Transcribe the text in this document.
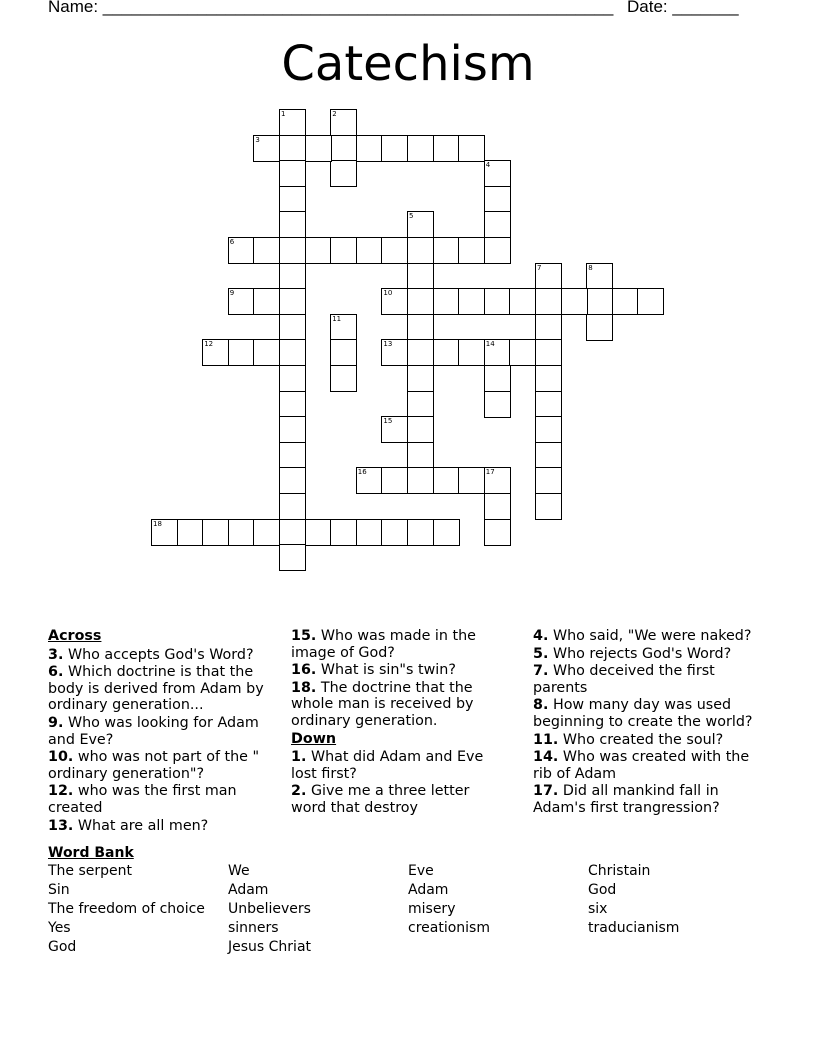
Name: ______________________________________________________ Date: _______
Catechism
1	2
3
4
5
6
7	8
9	10
11
12	13	14
15
16	17
18
Across
3. Who accepts God's Word?
6. Which doctrine is that the body is derived from Adam by ordinary generation...
9. Who was looking for Adam and Eve?
10. who was not part of the " ordinary generation"?
12. who was the first man created
13. What are all men?
15. Who was made in the image of God?
16. What is sin"s twin?
18. The doctrine that the whole man is received by ordinary generation.
Down
1. What did Adam and Eve lost first?
2. Give me a three letter word that destroy
4. Who said, "We were naked?
5. Who rejects God's Word?
7. Who deceived the first parents
8. How many day was used beginning to create the world?
11. Who created the soul?
14. Who was created with the rib of Adam
17. Did all mankind fall in Adam's first trangression?
Word Bank
The serpent
Sin
The freedom of choice
Yes
God
We
Adam
Unbelievers
sinners
Jesus Chriat
Eve
Adam
misery
creationism
Christain
God
six
traducianism
